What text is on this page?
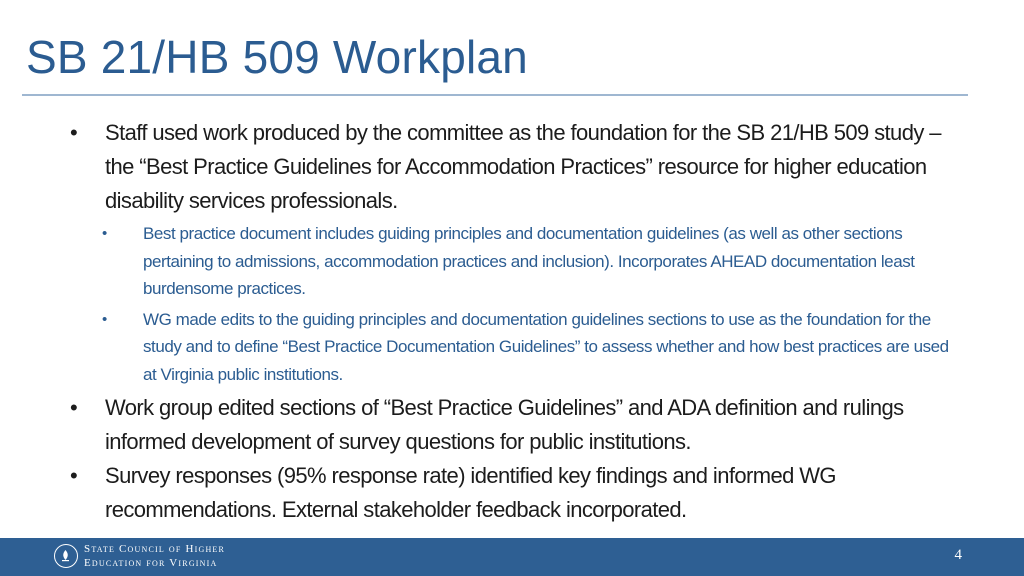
SB 21/HB 509 Workplan
• Staff used work produced by the committee as the foundation for the SB 21/HB 509 study – the “Best Practice Guidelines for Accommodation Practices” resource for higher education disability services professionals.
• Best practice document includes guiding principles and documentation guidelines (as well as other sections pertaining to admissions, accommodation practices and inclusion). Incorporates AHEAD documentation least burdensome practices.
• WG made edits to the guiding principles and documentation guidelines sections to use as the foundation for the study and to define “Best Practice Documentation Guidelines” to assess whether and how best practices are used at Virginia public institutions.
• Work group edited sections of “Best Practice Guidelines” and ADA definition and rulings informed development of survey questions for public institutions.
• Survey responses (95% response rate) identified key findings and informed WG recommendations. External stakeholder feedback incorporated.
State Council of Higher
Education for Virginia	4
